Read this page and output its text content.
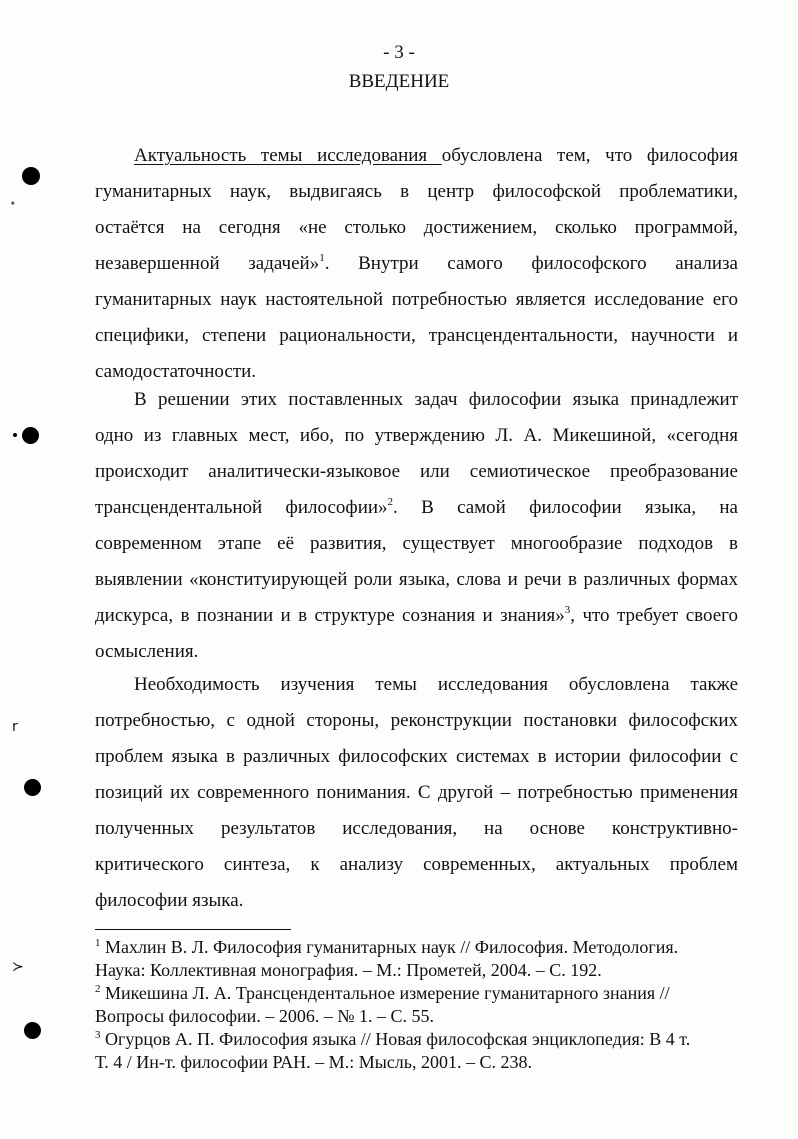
- 3 -
ВВЕДЕНИЕ

Актуальность темы исследования обусловлена тем, что философия

гуманитарных наук, выдвигаясь в центр философской проблематики,

остаётся на сегодня «не столько достижением, сколько программой,

незавершенной задачей»$^1$. Внутри самого философского анализа

гуманитарных наук настоятельной потребностью является исследование его

специфики, степени рациональности, трансцендентальности, научности и

самодостаточности.

В решении этих поставленных задач философии языка принадлежит

одно из главных мест, ибо, по утверждению Л. А. Микешиной, «сегодня

происходит аналитически-языковое или семиотическое преобразование

трансцендентальной философии»$^2$. В самой философии языка, на

современном этапе её развития, существует многообразие подходов в

выявлении «конституирующей роли языка, слова и речи в различных формах

дискурса, в познании и в структуре сознания и знания»$^3$, что требует своего

осмысления.

Необходимость изучения темы исследования обусловлена также

потребностью, с одной стороны, реконструкции постановки философских

проблем языка в различных философских системах в истории философии с

позиций их современного понимания. С другой – потребностью применения

полученных результатов исследования, на основе конструктивно-

критического синтеза, к анализу современных, актуальных проблем

философии языка.

$^1$ Махлин В. Л. Философия гуманитарных наук // Философия. Методология.

Наука: Коллективная монография. – М.: Прометей, 2004. – С. 192.

$^2$ Микешина Л. А. Трансцендентальное измерение гуманитарного знания //

Вопросы философии. – 2006. – № 1. – С. 55.

$^3$ Огурцов А. П. Философия языка // Новая философская энциклопедия: В 4 т.

Т. 4 / Ин-т. философии РАН. – М.: Мысль, 2001. – С. 238.

ᐩ
r
≻
